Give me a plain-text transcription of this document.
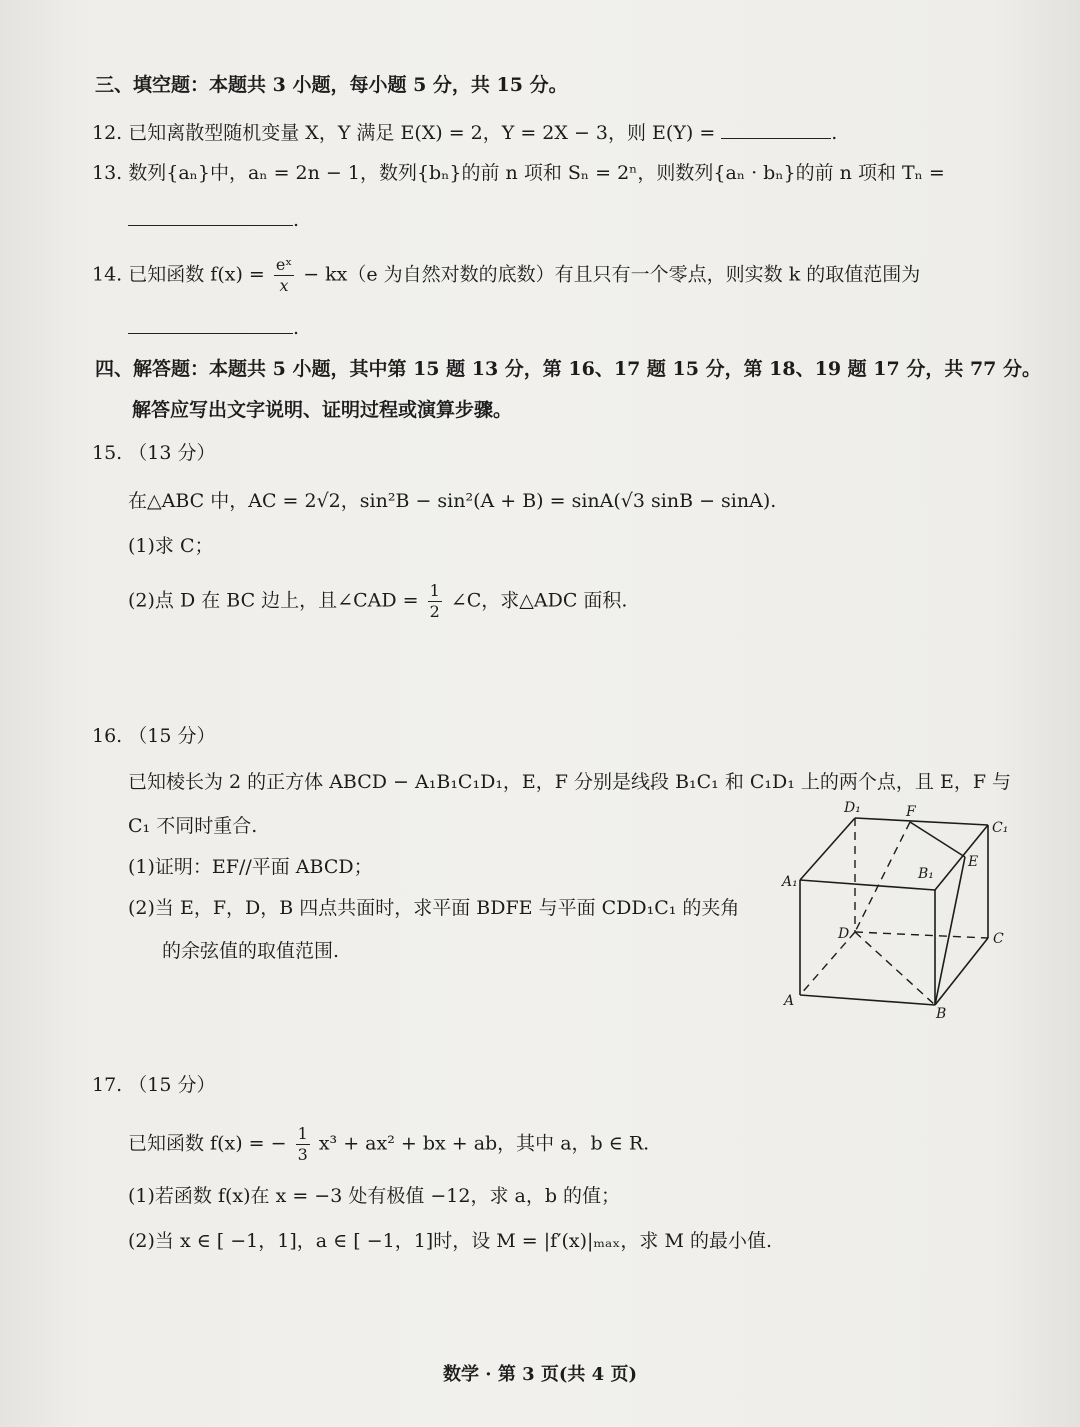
三、填空题：本题共 3 小题，每小题 5 分，共 15 分。
12. 已知离散型随机变量 X，Y 满足 E(X) = 2，Y = 2X − 3，则 E(Y) =	.
13. 数列{aₙ}中，aₙ = 2n − 1，数列{bₙ}的前 n 项和 Sₙ = 2ⁿ，则数列{aₙ · bₙ}的前 n 项和 Tₙ =
.
14. 已知函数 $f(x) = \frac{\text{eˣ}}{x} - kx(e$ 为自然对数的底数）有且只有一个零点，则实数 k 的取值范围为
.
四、解答题：本题共 5 小题，其中第 15 题 13 分，第 16、17 题 15 分，第 18、19 题 17 分，共 77 分。
解答应写出文字说明、证明过程或演算步骤。
15. （13 分）
在△ABC 中，AC = 2√2，sin²B − sin²(A + B) = sinA(√3 sinB − sinA).
(1)求 C；
(2)点 D 在 BC 边上，且∠CAD = $\frac{1}{2}$ ∠C，求△ADC 面积.
16. （15 分）
已知棱长为 2 的正方体 ABCD − A₁B₁C₁D₁，E，F 分别是线段 B₁C₁ 和 C₁D₁ 上的两个点，且 E，F 与
C₁ 不同时重合.
(1)证明：EF//平面 ABCD；
(2)当 E，F，D，B 四点共面时，求平面 BDFE 与平面 CDD₁C₁ 的夹角
的余弦值的取值范围.
A
B
C
D
A₁	B₁
C₁
D₁
E
F
17. （15 分）
已知函数 f(x) = − $\frac{1}{3} x^3 + ax^2$ + bx + ab，其中 a，b ∈ R.
(1)若函数 f(x)在 x = −3 处有极值 −12，求 a，b 的值；
(2)当 x ∈ [ −1，1]，a ∈ [ −1，1]时，设 M = |f′(x)|ₘₐₓ，求 M 的最小值.
数学 · 第 3 页(共 4 页)
